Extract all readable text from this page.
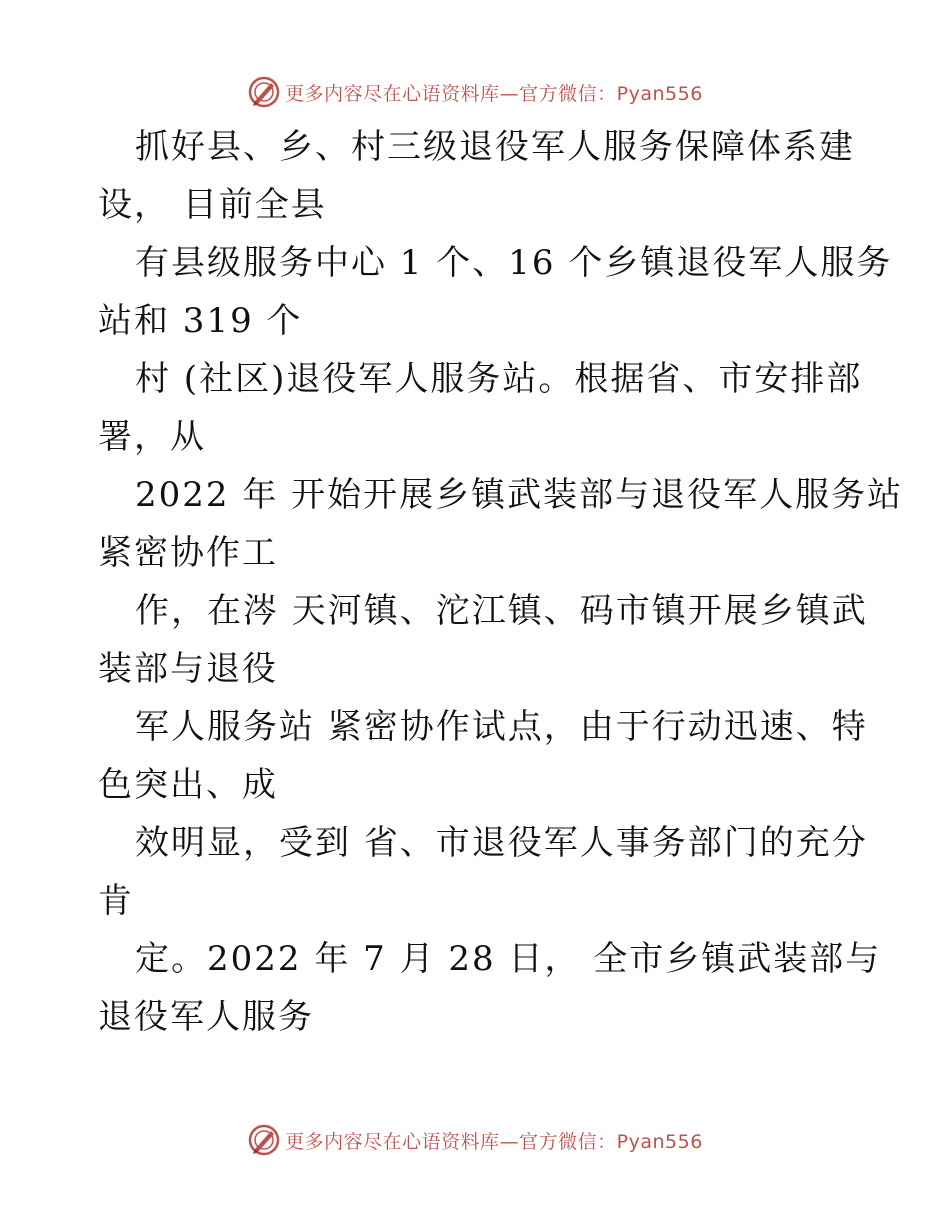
更多内容尽在心语资料库—官方微信：Pyan556

抓好县、乡、村三级退役军人服务保障体系建
设， 目前全县

有县级服务中心 1 个、16 个乡镇退役军人服务
站和 319 个

村 (社区)退役军人服务站。根据省、市安排部
署，从

2022 年 开始开展乡镇武装部与退役军人服务站
紧密协作工

作，在涔 天河镇、沱江镇、码市镇开展乡镇武
装部与退役

军人服务站 紧密协作试点，由于行动迅速、特
色突出、成

效明显，受到 省、市退役军人事务部门的充分
肯

定。2022 年 7 月 28 日， 全市乡镇武装部与
退役军人服务

更多内容尽在心语资料库—官方微信：Pyan556
